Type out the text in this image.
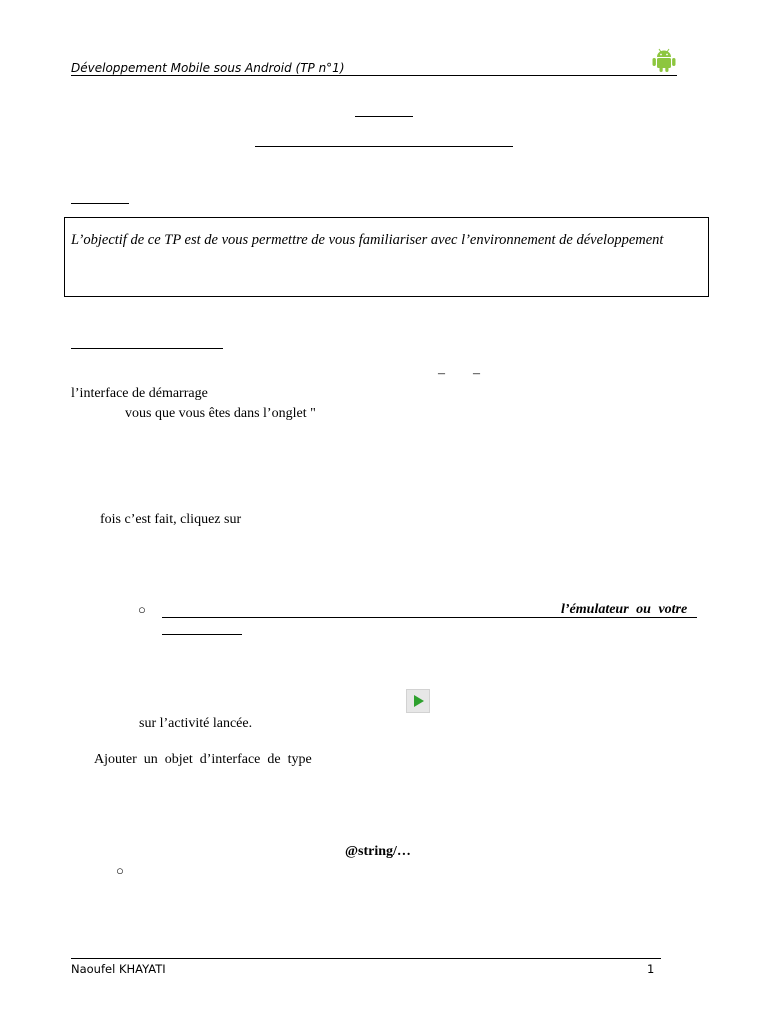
Développement Mobile sous Android (TP n°1)
L’objectif de ce TP est de vous permettre de vous familiariser avec l’environnement de développement
–        –
l’interface de démarrage
vous que vous êtes dans l’onglet "
fois c’est fait, cliquez sur
○	l’émulateur ou votre
sur l’activité lancée.
Ajouter  un  objet  d’interface  de  type
@string/…
○
Naoufel KHAYATI	1
